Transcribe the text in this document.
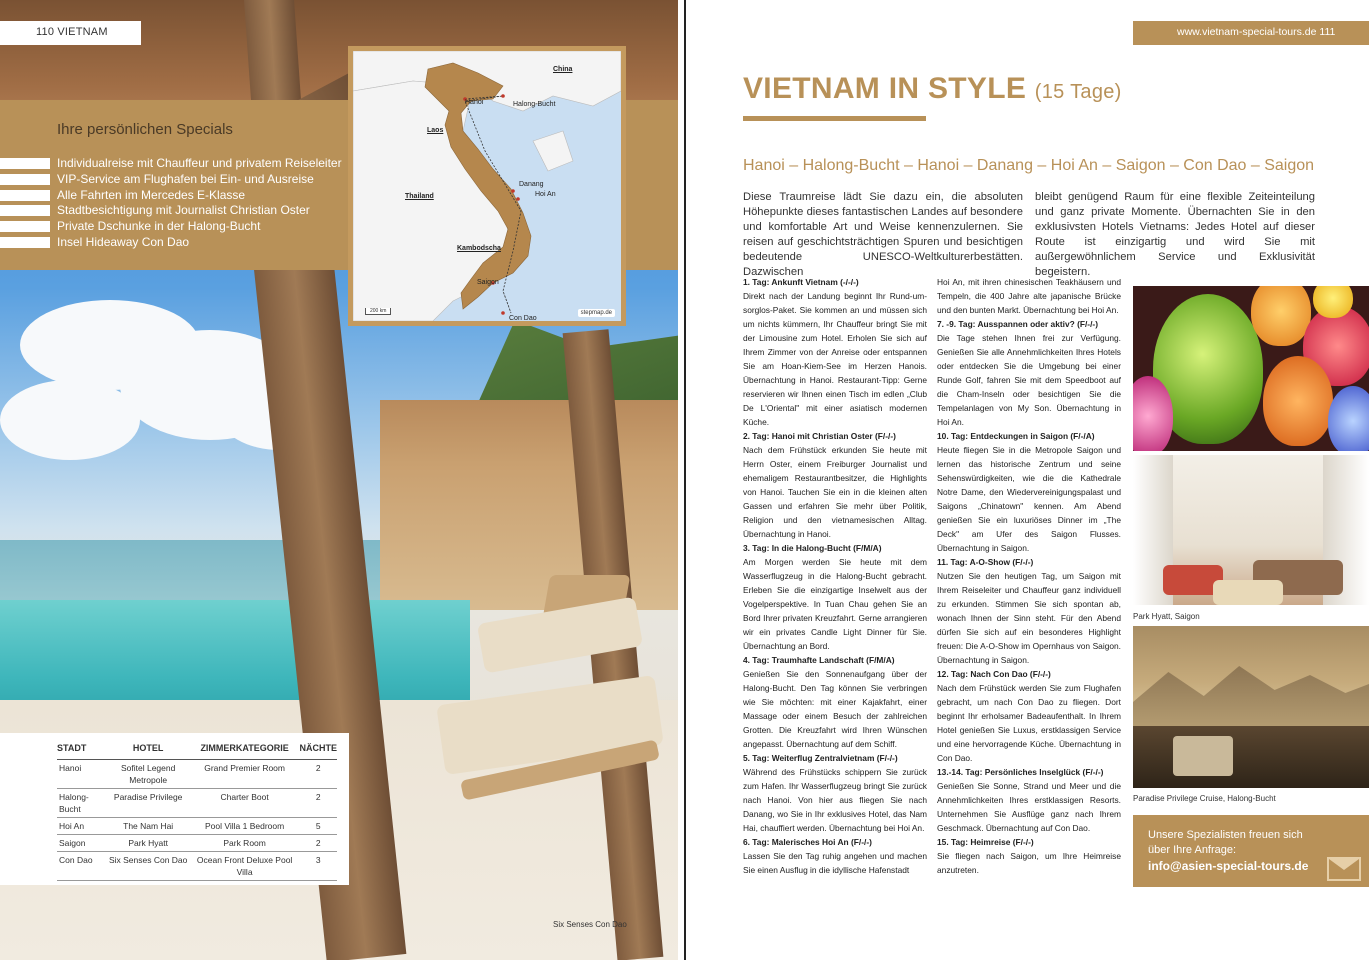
110 VIETNAM
Ihre persönlichen Specials
Individualreise mit Chauffeur und privatem Reiseleiter
VIP-Service am Flughafen bei Ein- und Ausreise
Alle Fahrten im Mercedes E-Klasse
Stadtbesichtigung mit Journalist Christian Oster
Private Dschunke in der Halong-Bucht
Insel Hideaway Con Dao
China
Hanoi	Halong-Bucht
Laos
Thailand
Danang
Hoi An
Kambodscha
Saigon
Con Dao
200 km	stepmap.de
STADT	HOTEL	ZIMMERKATEGORIE	NÄCHTE
Hanoi	Sofitel Legend Metropole	Grand Premier Room	2
Halong-Bucht	Paradise Privilege	Charter Boot	2
Hoi An	The Nam Hai	Pool Villa 1 Bedroom	5
Saigon	Park Hyatt	Park Room	2
Con Dao	Six Senses Con Dao	Ocean Front Deluxe Pool Villa	3
Six Senses Con Dao
www.vietnam-special-tours.de 111
VIETNAM IN STYLE (15 Tage)
Hanoi – Halong-Bucht – Hanoi – Danang – Hoi An – Saigon – Con Dao – Saigon

Diese Traumreise lädt Sie dazu ein, die absoluten Höhepunkte dieses fantastischen Landes auf besondere und komfortable Art und Weise kennenzulernen. Sie reisen auf geschichtsträchtigen Spuren und besichtigen bedeutende UNESCO-Weltkulturerbestätten. Dazwischen

bleibt genügend Raum für eine flexible Zeiteinteilung und ganz private Momente. Übernachten Sie in den exklusivsten Hotels Vietnams: Jedes Hotel auf dieser Route ist einzigartig und wird Sie mit außergewöhnlichem Service und Exklusivität begeistern.

1. Tag: Ankunft Vietnam (-/-/-)
Direkt nach der Landung beginnt Ihr Rund-um-sorglos-Paket. Sie kommen an und müssen sich um nichts kümmern, Ihr Chauffeur bringt Sie mit der Limousine zum Hotel. Erholen Sie sich auf Ihrem Zimmer von der Anreise oder entspannen Sie am Hoan-Kiem-See im Herzen Hanois. Übernachtung in Hanoi. Restaurant-Tipp: Gerne reservieren wir Ihnen einen Tisch im edlen „Club De L'Oriental" mit einer asiatisch modernen Küche.
2. Tag: Hanoi mit Christian Oster (F/-/-)
Nach dem Frühstück erkunden Sie heute mit Herrn Oster, einem Freiburger Journalist und ehemaligem Restaurantbesitzer, die Highlights von Hanoi. Tauchen Sie ein in die kleinen alten Gassen und erfahren Sie mehr über Politik, Religion und den vietnamesischen Alltag. Übernachtung in Hanoi.
3. Tag: In die Halong-Bucht (F/M/A)
Am Morgen werden Sie heute mit dem Wasserflugzeug in die Halong-Bucht gebracht. Erleben Sie die einzigartige Inselwelt aus der Vogelperspektive. In Tuan Chau gehen Sie an Bord Ihrer privaten Kreuzfahrt. Gerne arrangieren wir ein privates Candle Light Dinner für Sie. Übernachtung an Bord.
4. Tag: Traumhafte Landschaft (F/M/A)
Genießen Sie den Sonnenaufgang über der Halong-Bucht. Den Tag können Sie verbringen wie Sie möchten: mit einer Kajakfahrt, einer Massage oder einem Besuch der zahlreichen Grotten. Die Kreuzfahrt wird Ihren Wünschen angepasst. Übernachtung auf dem Schiff.
5. Tag: Weiterflug Zentralvietnam (F/-/-)
Während des Frühstücks schippern Sie zurück zum Hafen. Ihr Wasserflugzeug bringt Sie zurück nach Hanoi. Von hier aus fliegen Sie nach Danang, wo Sie in Ihr exklusives Hotel, das Nam Hai, chauffiert werden. Übernachtung bei Hoi An.
6. Tag: Malerisches Hoi An (F/-/-)
Lassen Sie den Tag ruhig angehen und machen Sie einen Ausflug in die idyllische Hafenstadt
Hoi An, mit ihren chinesischen Teakhäusern und Tempeln, die 400 Jahre alte japanische Brücke und den bunten Markt. Übernachtung bei Hoi An.
7. -9. Tag: Ausspannen oder aktiv? (F/-/-)
Die Tage stehen Ihnen frei zur Verfügung. Genießen Sie alle Annehmlichkeiten Ihres Hotels oder entdecken Sie die Umgebung bei einer Runde Golf, fahren Sie mit dem Speedboot auf die Cham-Inseln oder besichtigen Sie die Tempelanlagen von My Son. Übernachtung in Hoi An.
10. Tag: Entdeckungen in Saigon (F/-/A)
Heute fliegen Sie in die Metropole Saigon und lernen das historische Zentrum und seine Sehenswürdigkeiten, wie die die Kathedrale Notre Dame, den Wiedervereinigungspalast und Saigons „Chinatown" kennen. Am Abend genießen Sie ein luxuriöses Dinner im „The Deck" am Ufer des Saigon Flusses. Übernachtung in Saigon.
11. Tag: A-O-Show (F/-/-)
Nutzen Sie den heutigen Tag, um Saigon mit Ihrem Reiseleiter und Chauffeur ganz individuell zu erkunden. Stimmen Sie sich spontan ab, wonach Ihnen der Sinn steht. Für den Abend dürfen Sie sich auf ein besonderes Highlight freuen: Die A-O-Show im Opernhaus von Saigon. Übernachtung in Saigon.
12. Tag: Nach Con Dao (F/-/-)
Nach dem Frühstück werden Sie zum Flughafen gebracht, um nach Con Dao zu fliegen. Dort beginnt Ihr erholsamer Badeaufenthalt. In Ihrem Hotel genießen Sie Luxus, erstklassigen Service und eine hervorragende Küche. Übernachtung in Con Dao.
13.-14. Tag: Persönliches Inselglück (F/-/-)
Genießen Sie Sonne, Strand und Meer und die Annehmlichkeiten Ihres erstklassigen Resorts. Unternehmen Sie Ausflüge ganz nach Ihrem Geschmack. Übernachtung auf Con Dao.
15. Tag: Heimreise (F/-/-)
Sie fliegen nach Saigon, um Ihre Heimreise anzutreten.
Park Hyatt, Saigon
Paradise Privilege Cruise, Halong-Bucht
Unsere Spezialisten freuen sich
über Ihre Anfrage:
info@asien-special-tours.de
